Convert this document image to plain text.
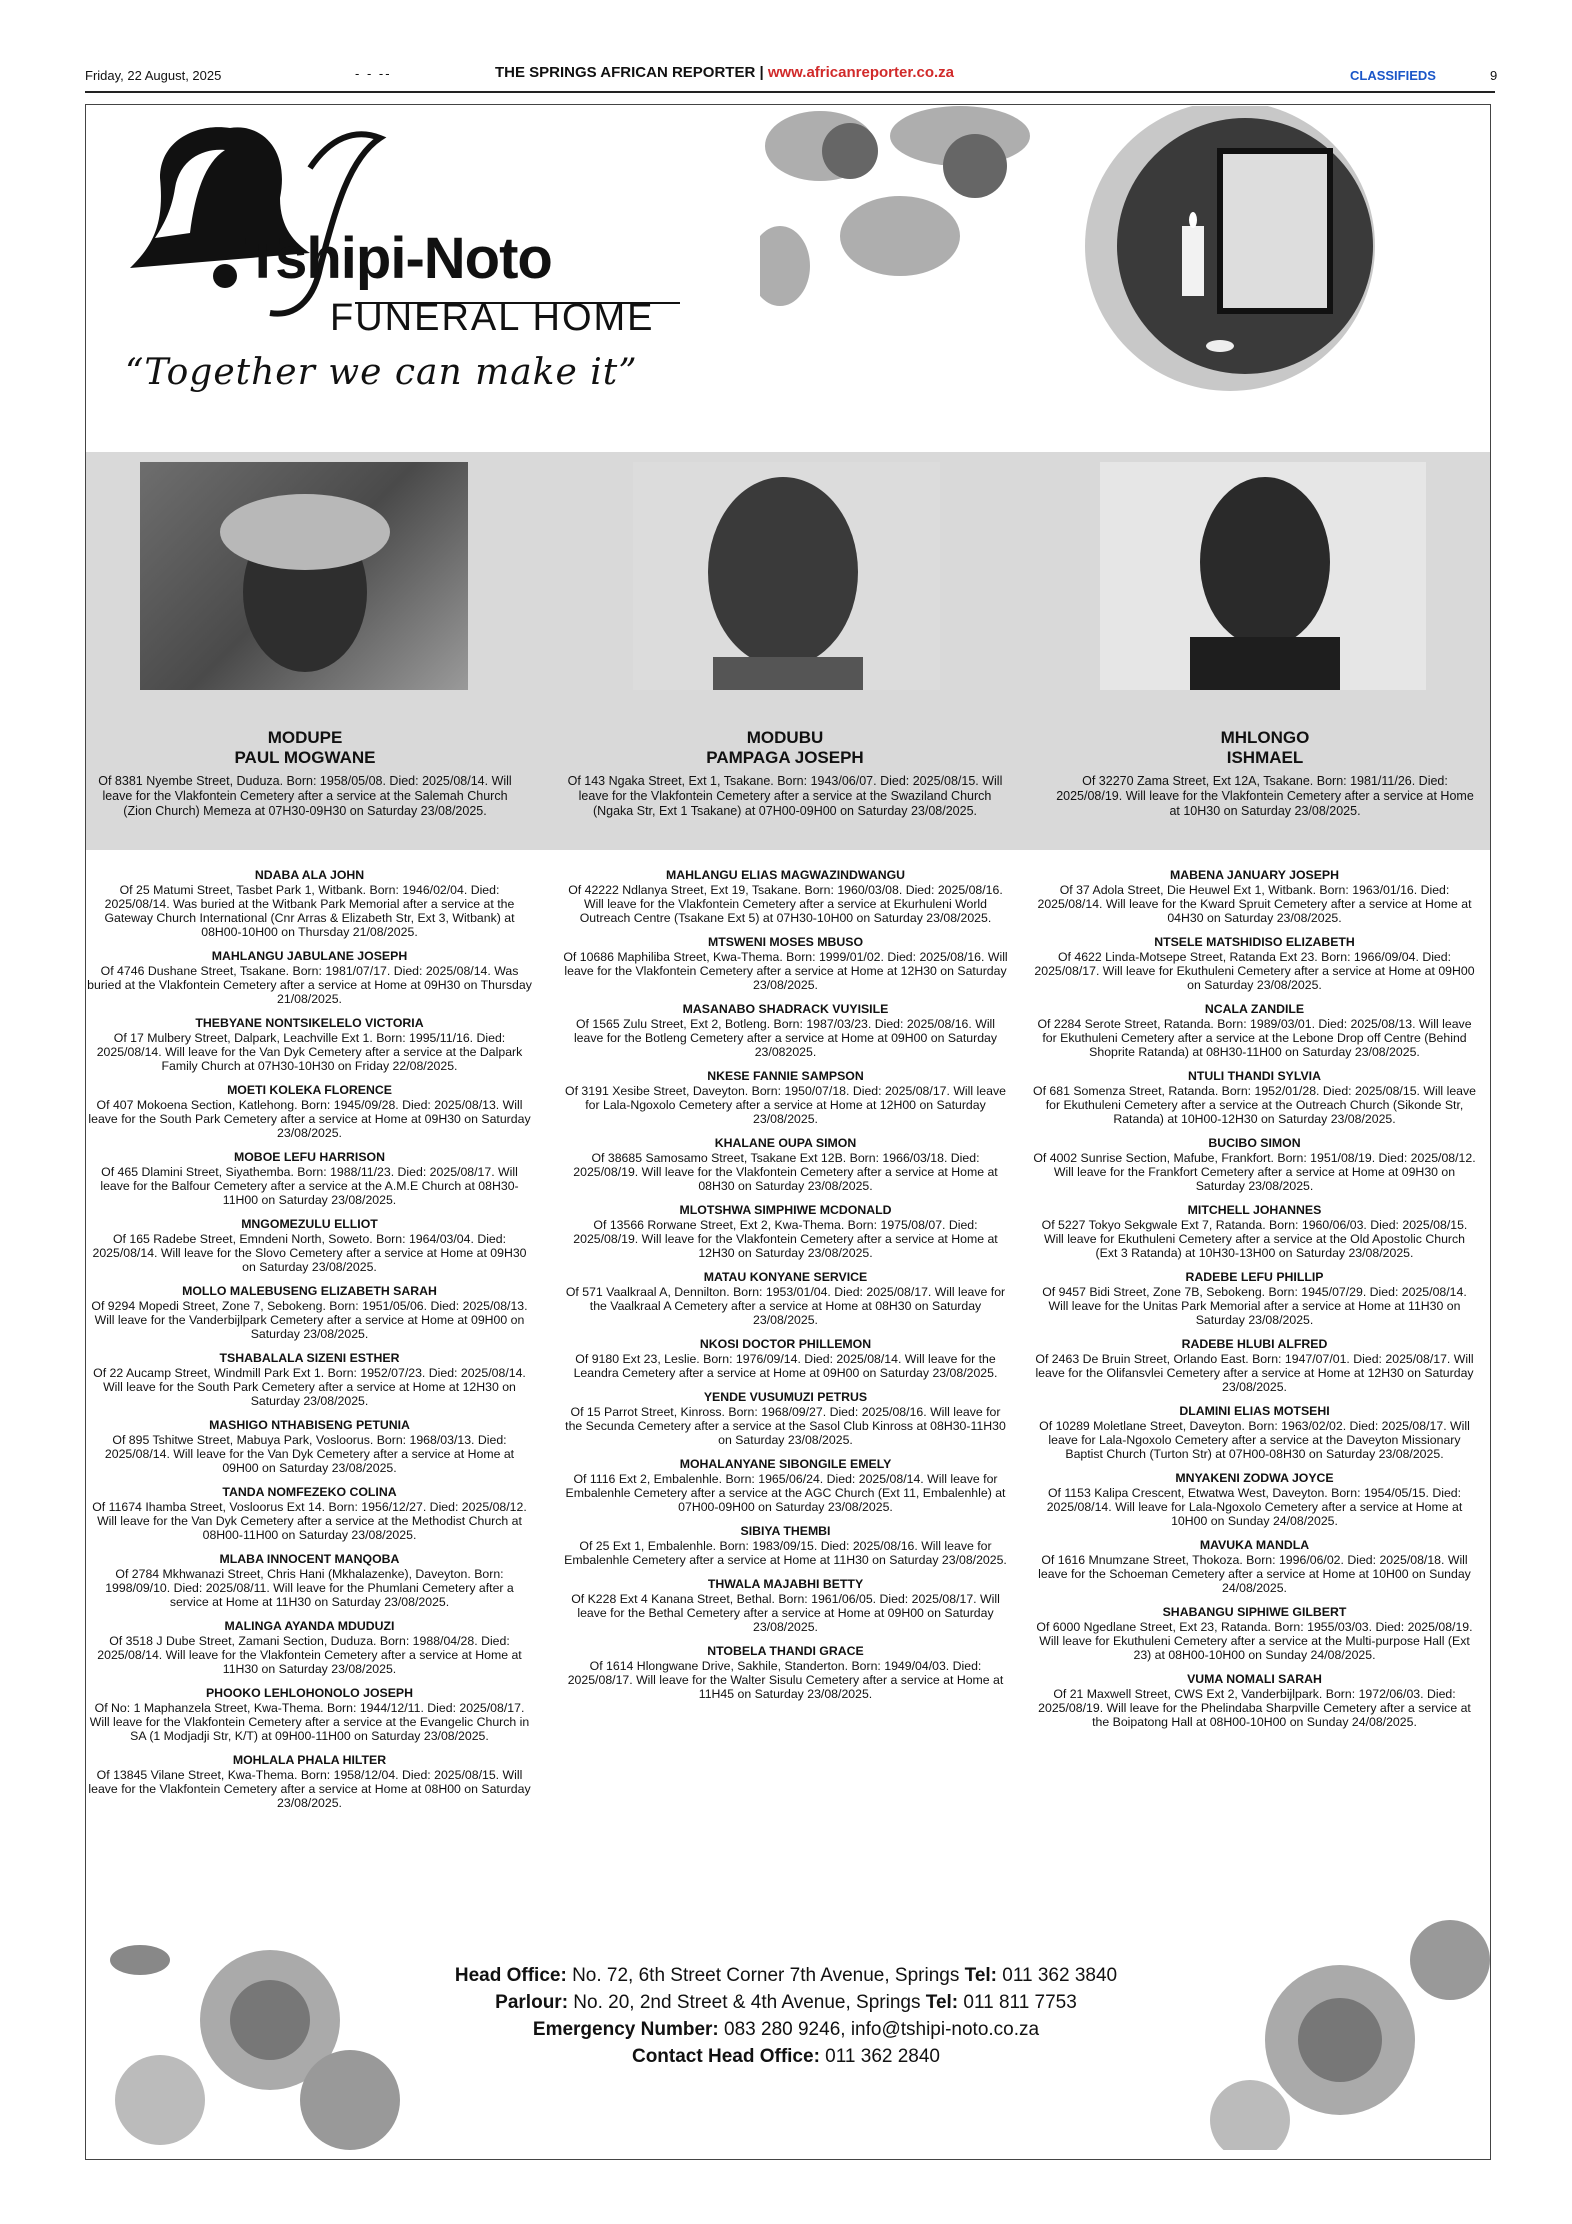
Friday, 22 August, 2025	- - --	THE SPRINGS AFRICAN REPORTER | www.africanreporter.co.za	CLASSIFIEDS	9
Tshipi-Noto
FUNERAL HOME
“Together we can make it”
MODUPE
PAUL MOGWANE
Of 8381 Nyembe Street, Duduza. Born: 1958/05/08. Died: 2025/08/14. Will leave for the Vlakfontein Cemetery after a service at the Salemah Church (Zion Church) Memeza at 07H30-09H30 on Saturday 23/08/2025.
MODUBU
PAMPAGA JOSEPH
Of 143 Ngaka Street, Ext 1, Tsakane. Born: 1943/06/07. Died: 2025/08/15. Will leave for the Vlakfontein Cemetery after a service at the Swaziland Church (Ngaka Str, Ext 1 Tsakane) at 07H00-09H00 on Saturday 23/08/2025.
MHLONGO
ISHMAEL
Of 32270 Zama Street, Ext 12A, Tsakane. Born: 1981/11/26. Died: 2025/08/19. Will leave for the Vlakfontein Cemetery after a service at Home at 10H30 on Saturday 23/08/2025.
NDABA ALA JOHN
Of 25 Matumi Street, Tasbet Park 1, Witbank. Born: 1946/02/04. Died: 2025/08/14. Was buried at the Witbank Park Memorial after a service at the Gateway Church International (Cnr Arras & Elizabeth Str, Ext 3, Witbank) at 08H00-10H00 on Thursday 21/08/2025.
MAHLANGU JABULANE JOSEPH
Of 4746 Dushane Street, Tsakane. Born: 1981/07/17. Died: 2025/08/14. Was buried at the Vlakfontein Cemetery after a service at Home at 09H30 on Thursday 21/08/2025.
THEBYANE NONTSIKELELO VICTORIA
Of 17 Mulbery Street, Dalpark, Leachville Ext 1. Born: 1995/11/16. Died: 2025/08/14. Will leave for the Van Dyk Cemetery after a service at the Dalpark Family Church at 07H30-10H30 on Friday 22/08/2025.
MOETI KOLEKA FLORENCE
Of 407 Mokoena Section, Katlehong. Born: 1945/09/28. Died: 2025/08/13. Will leave for the South Park Cemetery after a service at Home at 09H30 on Saturday 23/08/2025.
MOBOE LEFU HARRISON
Of 465 Dlamini Street, Siyathemba. Born: 1988/11/23. Died: 2025/08/17. Will leave for the Balfour Cemetery after a service at the A.M.E Church at 08H30-11H00 on Saturday 23/08/2025.
MNGOMEZULU ELLIOT
Of 165 Radebe Street, Emndeni North, Soweto. Born: 1964/03/04. Died: 2025/08/14. Will leave for the Slovo Cemetery after a service at Home at 09H30 on Saturday 23/08/2025.
MOLLO MALEBUSENG ELIZABETH SARAH
Of 9294 Mopedi Street, Zone 7, Sebokeng. Born: 1951/05/06. Died: 2025/08/13. Will leave for the Vanderbijlpark Cemetery after a service at Home at 09H00 on Saturday 23/08/2025.
TSHABALALA SIZENI ESTHER
Of 22 Aucamp Street, Windmill Park Ext 1. Born: 1952/07/23. Died: 2025/08/14. Will leave for the South Park Cemetery after a service at Home at 12H30 on Saturday 23/08/2025.
MASHIGO NTHABISENG PETUNIA
Of 895 Tshitwe Street, Mabuya Park, Vosloorus. Born: 1968/03/13. Died: 2025/08/14. Will leave for the Van Dyk Cemetery after a service at Home at 09H00 on Saturday 23/08/2025.
TANDA NOMFEZEKO COLINA
Of 11674 Ihamba Street, Vosloorus Ext 14. Born: 1956/12/27. Died: 2025/08/12. Will leave for the Van Dyk Cemetery after a service at the Methodist Church at 08H00-11H00 on Saturday 23/08/2025.
MLABA INNOCENT MANQOBA
Of 2784 Mkhwanazi Street, Chris Hani (Mkhalazenke), Daveyton. Born: 1998/09/10. Died: 2025/08/11. Will leave for the Phumlani Cemetery after a service at Home at 11H30 on Saturday 23/08/2025.
MALINGA AYANDA MDUDUZI
Of 3518 J Dube Street, Zamani Section, Duduza. Born: 1988/04/28. Died: 2025/08/14. Will leave for the Vlakfontein Cemetery after a service at Home at 11H30 on Saturday 23/08/2025.
PHOOKO LEHLOHONOLO JOSEPH
Of No: 1 Maphanzela Street, Kwa-Thema. Born: 1944/12/11. Died: 2025/08/17. Will leave for the Vlakfontein Cemetery after a service at the Evangelic Church in SA (1 Modjadji Str, K/T) at 09H00-11H00 on Saturday 23/08/2025.
MOHLALA PHALA HILTER
Of 13845 Vilane Street, Kwa-Thema. Born: 1958/12/04. Died: 2025/08/15. Will leave for the Vlakfontein Cemetery after a service at Home at 08H00 on Saturday 23/08/2025.
MAHLANGU ELIAS MAGWAZINDWANGU
Of 42222 Ndlanya Street, Ext 19, Tsakane. Born: 1960/03/08. Died: 2025/08/16. Will leave for the Vlakfontein Cemetery after a service at Ekurhuleni World Outreach Centre (Tsakane Ext 5) at 07H30-10H00 on Saturday 23/08/2025.
MTSWENI MOSES MBUSO
Of 10686 Maphiliba Street, Kwa-Thema. Born: 1999/01/02. Died: 2025/08/16. Will leave for the Vlakfontein Cemetery after a service at Home at 12H30 on Saturday 23/08/2025.
MASANABO SHADRACK VUYISILE
Of 1565 Zulu Street, Ext 2, Botleng. Born: 1987/03/23. Died: 2025/08/16. Will leave for the Botleng Cemetery after a service at Home at 09H00 on Saturday 23/082025.
NKESE FANNIE SAMPSON
Of 3191 Xesibe Street, Daveyton. Born: 1950/07/18. Died: 2025/08/17. Will leave for Lala-Ngoxolo Cemetery after a service at Home at 12H00 on Saturday 23/08/2025.
KHALANE OUPA SIMON
Of 38685 Samosamo Street, Tsakane Ext 12B. Born: 1966/03/18. Died: 2025/08/19. Will leave for the Vlakfontein Cemetery after a service at Home at 08H30 on Saturday 23/08/2025.
MLOTSHWA SIMPHIWE MCDONALD
Of 13566 Rorwane Street, Ext 2, Kwa-Thema. Born: 1975/08/07. Died: 2025/08/19. Will leave for the Vlakfontein Cemetery after a service at Home at 12H30 on Saturday 23/08/2025.
MATAU KONYANE SERVICE
Of 571 Vaalkraal A, Dennilton. Born: 1953/01/04. Died: 2025/08/17. Will leave for the Vaalkraal A Cemetery after a service at Home at 08H30 on Saturday 23/08/2025.
NKOSI DOCTOR PHILLEMON
Of 9180 Ext 23, Leslie. Born: 1976/09/14. Died: 2025/08/14. Will leave for the Leandra Cemetery after a service at Home at 09H00 on Saturday 23/08/2025.
YENDE VUSUMUZI PETRUS
Of 15 Parrot Street, Kinross. Born: 1968/09/27. Died: 2025/08/16. Will leave for the Secunda Cemetery after a service at the Sasol Club Kinross at 08H30-11H30 on Saturday 23/08/2025.
MOHALANYANE SIBONGILE EMELY
Of 1116 Ext 2, Embalenhle. Born: 1965/06/24. Died: 2025/08/14. Will leave for Embalenhle Cemetery after a service at the AGC Church (Ext 11, Embalenhle) at 07H00-09H00 on Saturday 23/08/2025.
SIBIYA THEMBI
Of 25 Ext 1, Embalenhle. Born: 1983/09/15. Died: 2025/08/16. Will leave for Embalenhle Cemetery after a service at Home at 11H30 on Saturday 23/08/2025.
THWALA MAJABHI BETTY
Of K228 Ext 4 Kanana Street, Bethal. Born: 1961/06/05. Died: 2025/08/17. Will leave for the Bethal Cemetery after a service at Home at 09H00 on Saturday 23/08/2025.
NTOBELA THANDI GRACE
Of 1614 Hlongwane Drive, Sakhile, Standerton. Born: 1949/04/03. Died: 2025/08/17. Will leave for the Walter Sisulu Cemetery after a service at Home at 11H45 on Saturday 23/08/2025.
MABENA JANUARY JOSEPH
Of 37 Adola Street, Die Heuwel Ext 1, Witbank. Born: 1963/01/16. Died: 2025/08/14. Will leave for the Kward Spruit Cemetery after a service at Home at 04H30 on Saturday 23/08/2025.
NTSELE MATSHIDISO ELIZABETH
Of 4622 Linda-Motsepe Street, Ratanda Ext 23. Born: 1966/09/04. Died: 2025/08/17. Will leave for Ekuthuleni Cemetery after a service at Home at 09H00 on Saturday 23/08/2025.
NCALA ZANDILE
Of 2284 Serote Street, Ratanda. Born: 1989/03/01. Died: 2025/08/13. Will leave for Ekuthuleni Cemetery after a service at the Lebone Drop off Centre (Behind Shoprite Ratanda) at 08H30-11H00 on Saturday 23/08/2025.
NTULI THANDI SYLVIA
Of 681 Somenza Street, Ratanda. Born: 1952/01/28. Died: 2025/08/15. Will leave for Ekuthuleni Cemetery after a service at the Outreach Church (Sikonde Str, Ratanda) at 10H00-12H30 on Saturday 23/08/2025.
BUCIBO SIMON
Of 4002 Sunrise Section, Mafube, Frankfort. Born: 1951/08/19. Died: 2025/08/12. Will leave for the Frankfort Cemetery after a service at Home at 09H30 on Saturday 23/08/2025.
MITCHELL JOHANNES
Of 5227 Tokyo Sekgwale Ext 7, Ratanda. Born: 1960/06/03. Died: 2025/08/15. Will leave for Ekuthuleni Cemetery after a service at the Old Apostolic Church (Ext 3 Ratanda) at 10H30-13H00 on Saturday 23/08/2025.
RADEBE LEFU PHILLIP
Of 9457 Bidi Street, Zone 7B, Sebokeng. Born: 1945/07/29. Died: 2025/08/14. Will leave for the Unitas Park Memorial after a service at Home at 11H30 on Saturday 23/08/2025.
RADEBE HLUBI ALFRED
Of 2463 De Bruin Street, Orlando East. Born: 1947/07/01. Died: 2025/08/17. Will leave for the Olifansvlei Cemetery after a service at Home at 12H30 on Saturday 23/08/2025.
DLAMINI ELIAS MOTSEHI
Of 10289 Moletlane Street, Daveyton. Born: 1963/02/02. Died: 2025/08/17. Will leave for Lala-Ngoxolo Cemetery after a service at the Daveyton Missionary Baptist Church (Turton Str) at 07H00-08H30 on Saturday 23/08/2025.
MNYAKENI ZODWA JOYCE
Of 1153 Kalipa Crescent, Etwatwa West, Daveyton. Born: 1954/05/15. Died: 2025/08/14. Will leave for Lala-Ngoxolo Cemetery after a service at Home at 10H00 on Sunday 24/08/2025.
MAVUKA MANDLA
Of 1616 Mnumzane Street, Thokoza. Born: 1996/06/02. Died: 2025/08/18. Will leave for the Schoeman Cemetery after a service at Home at 10H00 on Sunday 24/08/2025.
SHABANGU SIPHIWE GILBERT
Of 6000 Ngedlane Street, Ext 23, Ratanda. Born: 1955/03/03. Died: 2025/08/19. Will leave for Ekuthuleni Cemetery after a service at the Multi-purpose Hall (Ext 23) at 08H00-10H00 on Sunday 24/08/2025.
VUMA NOMALI SARAH
Of 21 Maxwell Street, CWS Ext 2, Vanderbijlpark. Born: 1972/06/03. Died: 2025/08/19. Will leave for the Phelindaba Sharpville Cemetery after a service at the Boipatong Hall at 08H00-10H00 on Sunday 24/08/2025.
Head Office: No. 72, 6th Street Corner 7th Avenue, Springs Tel: 011 362 3840
Parlour: No. 20, 2nd Street & 4th Avenue, Springs Tel: 011 811 7753
Emergency Number: 083 280 9246, info@tshipi-noto.co.za
Contact Head Office: 011 362 2840
